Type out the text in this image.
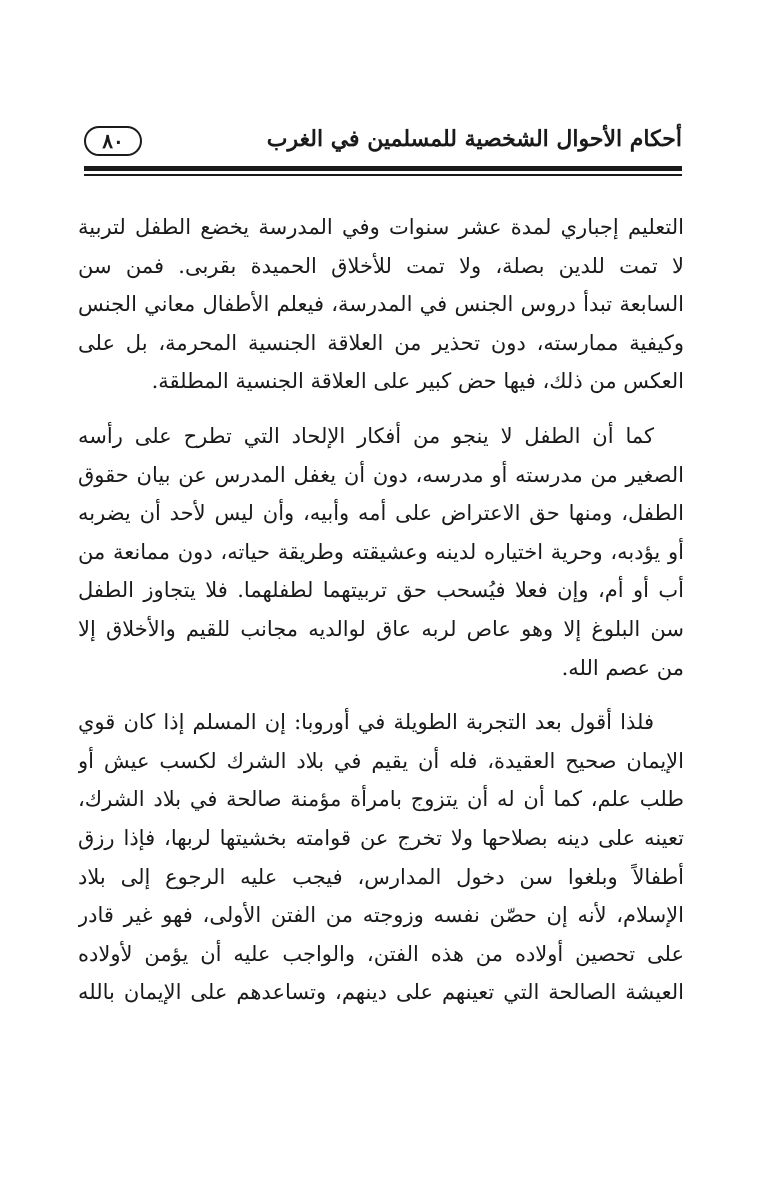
أحكام الأحوال الشخصية للمسلمين في الغرب
٨٠

التعليم إجباري لمدة عشر سنوات وفي المدرسة يخضع الطفل لتربية
لا تمت للدين بصلة، ولا تمت للأخلاق الحميدة بقربى. فمن سن
السابعة تبدأ دروس الجنس في المدرسة، فيعلم الأطفال معاني الجنس
وكيفية ممارسته، دون تحذير من العلاقة الجنسية المحرمة، بل على
العكس من ذلك، فيها حض كبير على العلاقة الجنسية المطلقة.

كما أن الطفل لا ينجو من أفكار الإلحاد التي تطرح على رأسه
الصغير من مدرسته أو مدرسه، دون أن يغفل المدرس عن بيان حقوق
الطفل، ومنها حق الاعتراض على أمه وأبيه، وأن ليس لأحد أن يضربه
أو يؤدبه، وحرية اختياره لدينه وعشيقته وطريقة حياته، دون ممانعة من
أب أو أم، وإن فعلا فيُسحب حق تربيتهما لطفلهما. فلا يتجاوز الطفل
سن البلوغ إلا وهو عاص لربه عاق لوالديه مجانب للقيم والأخلاق إلا
من عصم الله.

فلذا أقول بعد التجربة الطويلة في أوروبا: إن المسلم إذا كان قوي
الإيمان صحيح العقيدة، فله أن يقيم في بلاد الشرك لكسب عيش أو
طلب علم، كما أن له أن يتزوج بامرأة مؤمنة صالحة في بلاد الشرك،
تعينه على دينه بصلاحها ولا تخرج عن قوامته بخشيتها لربها، فإذا رزق
أطفالاً وبلغوا سن دخول المدارس، فيجب عليه الرجوع إلى بلاد
الإسلام، لأنه إن حصّن نفسه وزوجته من الفتن الأولى، فهو غير قادر
على تحصين أولاده من هذه الفتن، والواجب عليه أن يؤمن لأولاده
العيشة الصالحة التي تعينهم على دينهم، وتساعدهم على الإيمان بالله
